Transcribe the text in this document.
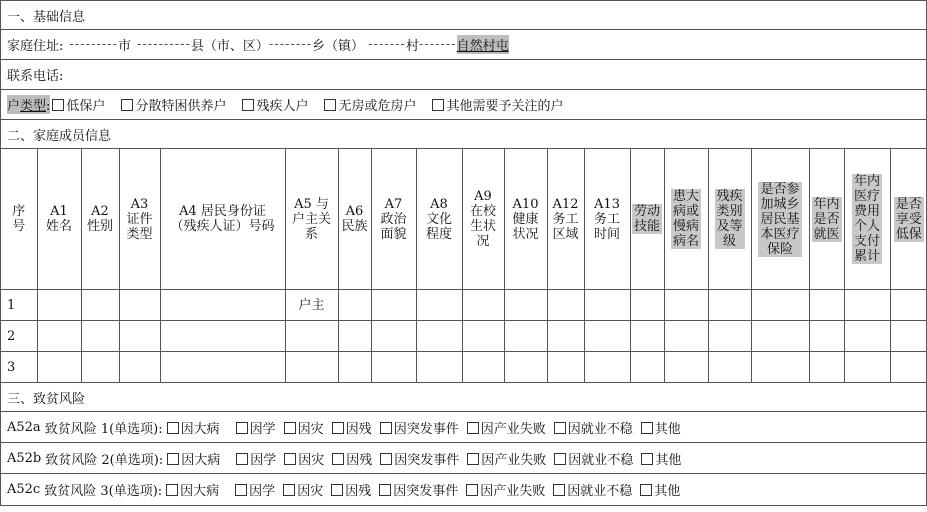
一、基础信息
家庭住址: --------- 市 ---------- 县（市、区） -------- 乡（镇） ------- 村 ------- 自然村屯
联系电话:
户类型:	低保户 分散特困供养户 残疾人户 无房或危房户 其他需要予关注的户
二、家庭成员信息
序号	A1 姓名	A2 性别	A3 证件类型	A4 居民身份证（残疾人证）号码	A5 与户主关系	A6 民族	A7 政治面貌	A8 文化程度	A9 在校生状况	A10 健康状况	A12 务工区域	A13 务工时间	劳动技能	患大病或慢病病名	残疾类别及等级	是否参加城乡居民基本医疗保险	年内是否就医	年内医疗费用个人支付累计	是否享受低保
1					户主														
2																			
3																			
三、致贫风险
A52a 致贫风险 1(单选项):	因大病	因学	因灾	因残	因突发事件	因产业失败	因就业不稳	其他
A52b 致贫风险 2(单选项):	因大病	因学	因灾	因残	因突发事件	因产业失败	因就业不稳	其他
A52c 致贫风险 3(单选项):	因大病	因学	因灾	因残	因突发事件	因产业失败	因就业不稳	其他
